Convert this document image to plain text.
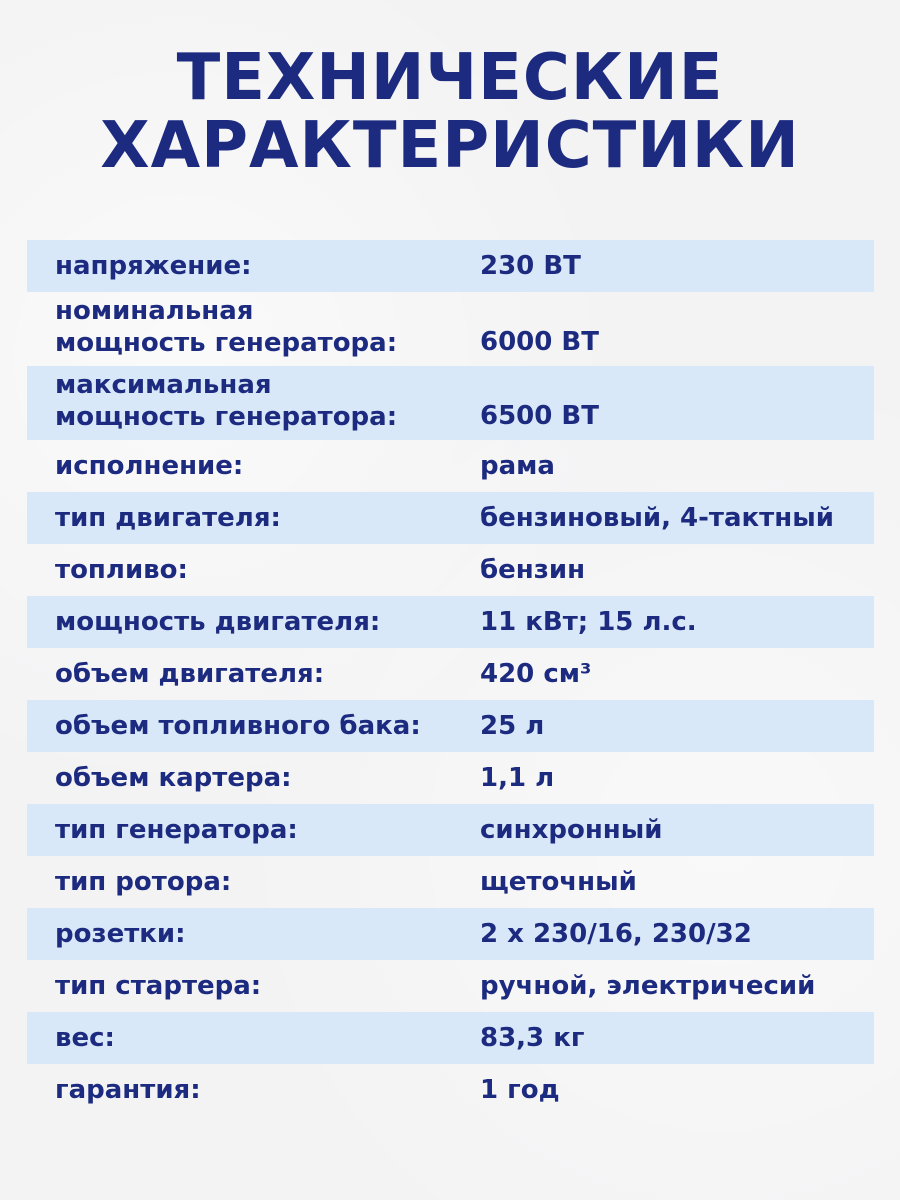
ТЕХНИЧЕСКИЕ
ХАРАКТЕРИСТИКИ
напряжение:	230 ВТ
номинальная
мощность генератора:	6000 ВТ
максимальная
мощность генератора:	6500 ВТ
исполнение:	рама
тип двигателя:	бензиновый, 4-тактный
топливо:	бензин
мощность двигателя:	11 кВт; 15 л.с.
объем двигателя:	420 см³
объем топливного бака:	25 л
объем картера:	1,1 л
тип генератора:	синхронный
тип ротора:	щеточный
розетки:	2 х 230/16, 230/32
тип стартера:	ручной, электричесий
вес:	83,3 кг
гарантия:	1 год
